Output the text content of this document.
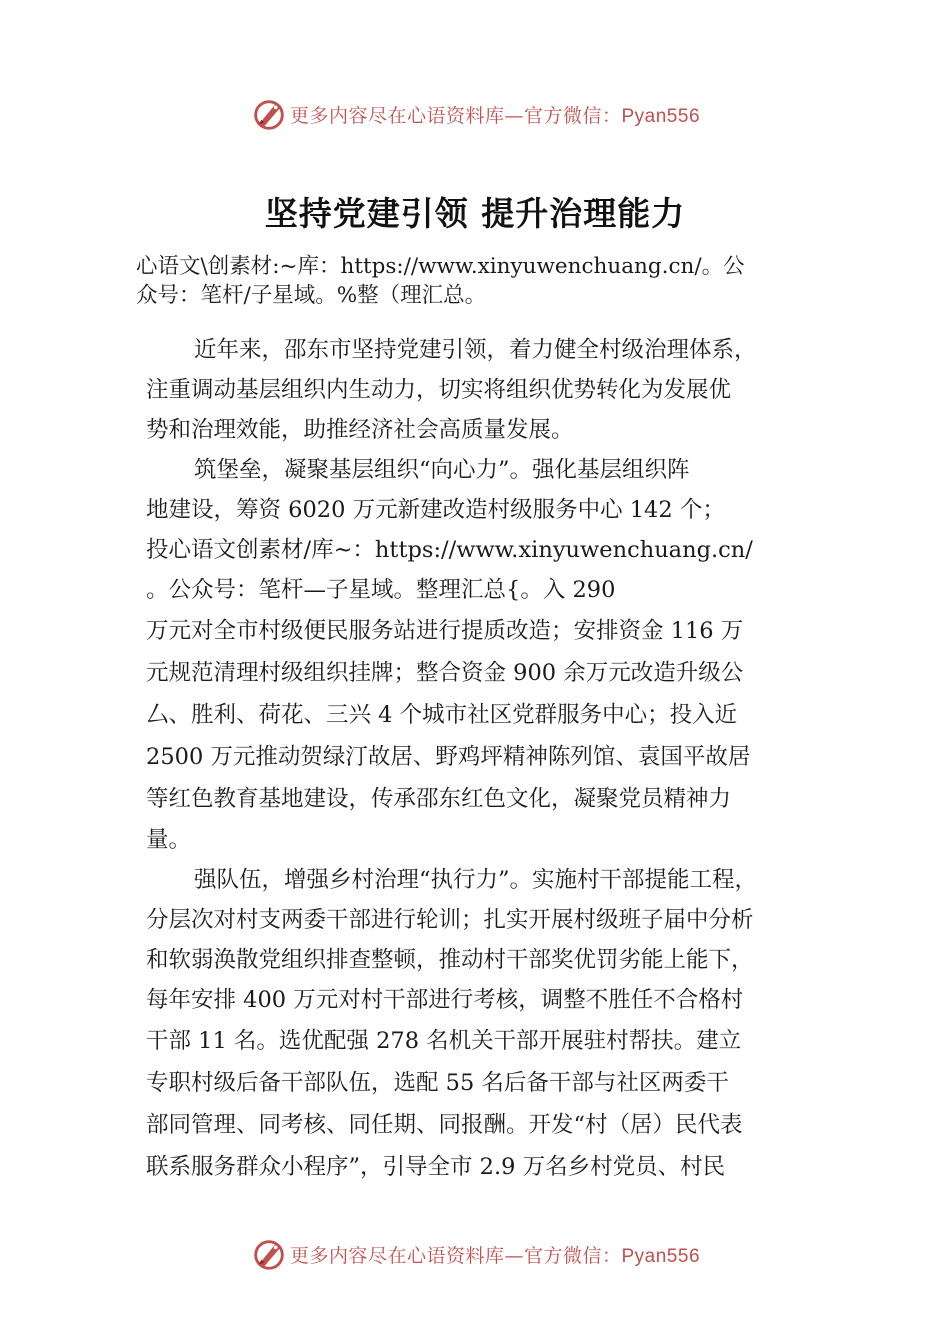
更多内容尽在心语资料库—官方微信：Pyan556
坚持党建引领 提升治理能力
心语文\创素材:~库：https://www.xinyuwenchuang.cn/。公
众号：笔杆/子星域。%整（理汇总。
近年来，邵东市坚持党建引领，着力健全村级治理体系，
注重调动基层组织内生动力，切实将组织优势转化为发展优
势和治理效能，助推经济社会高质量发展。
筑堡垒，凝聚基层组织“向心力”。强化基层组织阵
地建设，筹资 6020 万元新建改造村级服务中心 142 个；
投心语文创素材/库~：https://www.xinyuwenchuang.cn/
。公众号：笔杆—子星域。整理汇总{。入 290
万元对全市村级便民服务站进行提质改造；安排资金 116 万
元规范清理村级组织挂牌；整合资金 900 余万元改造升级公
厶、胜利、荷花、三兴 4 个城市社区党群服务中心；投入近
2500 万元推动贺绿汀故居、野鸡坪精神陈列馆、袁国平故居
等红色教育基地建设，传承邵东红色文化，凝聚党员精神力
量。
强队伍，增强乡村治理“执行力”。实施村干部提能工程，
分层次对村支两委干部进行轮训；扎实开展村级班子届中分析
和软弱涣散党组织排查整顿，推动村干部奖优罚劣能上能下，
每年安排 400 万元对村干部进行考核，调整不胜任不合格村
干部 11 名。选优配强 278 名机关干部开展驻村帮扶。建立
专职村级后备干部队伍，选配 55 名后备干部与社区两委干
部同管理、同考核、同任期、同报酬。开发“村（居）民代表
联系服务群众小程序”，引导全市 2.9 万名乡村党员、村民
更多内容尽在心语资料库—官方微信：Pyan556
